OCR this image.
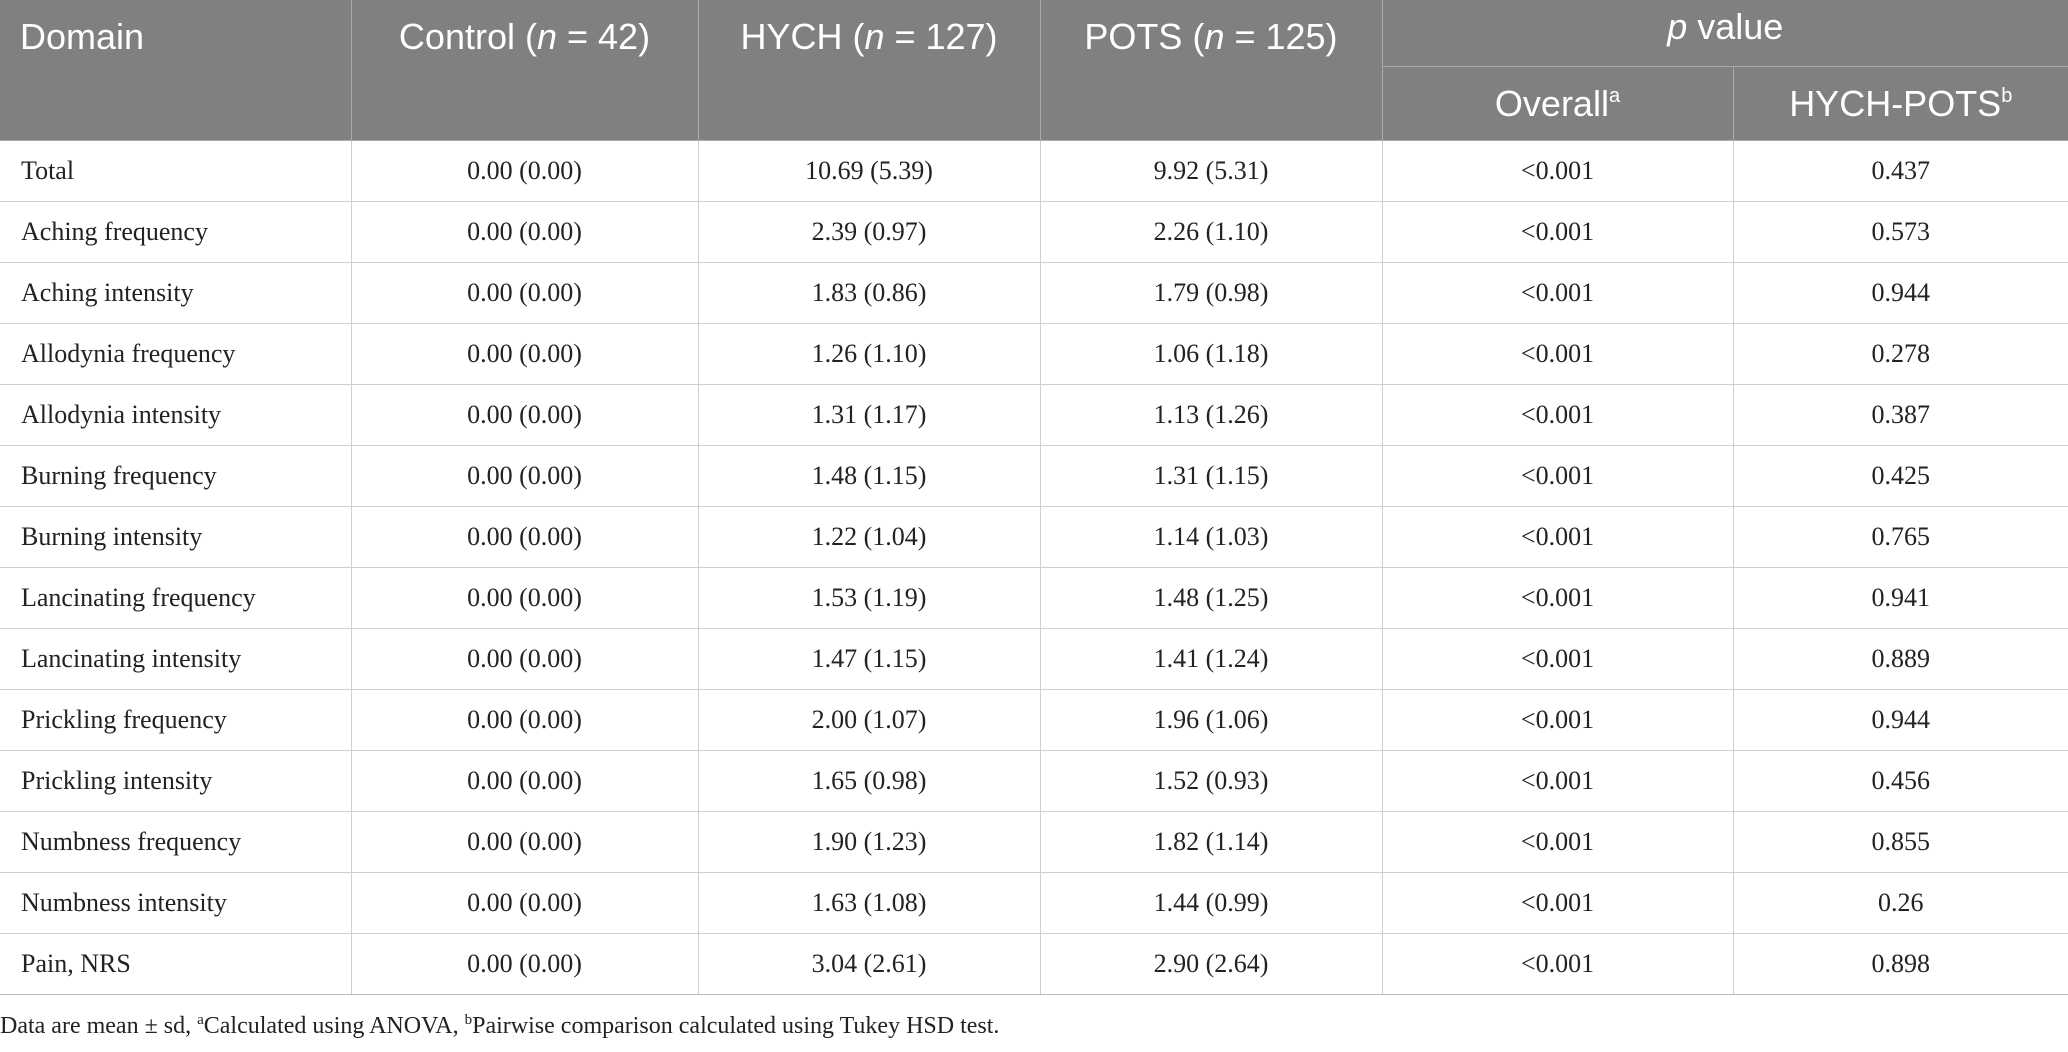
Domain	Control (n = 42)	HYCH (n = 127)	POTS (n = 125)	p value	
				Overall$^a$	HYCH-POTS$^b$
Total	0.00 (0.00)	10.69 (5.39)	9.92 (5.31)	<0.001	0.437
Aching frequency	0.00 (0.00)	2.39 (0.97)	2.26 (1.10)	<0.001	0.573
Aching intensity	0.00 (0.00)	1.83 (0.86)	1.79 (0.98)	<0.001	0.944
Allodynia frequency	0.00 (0.00)	1.26 (1.10)	1.06 (1.18)	<0.001	0.278
Allodynia intensity	0.00 (0.00)	1.31 (1.17)	1.13 (1.26)	<0.001	0.387
Burning frequency	0.00 (0.00)	1.48 (1.15)	1.31 (1.15)	<0.001	0.425
Burning intensity	0.00 (0.00)	1.22 (1.04)	1.14 (1.03)	<0.001	0.765
Lancinating frequency	0.00 (0.00)	1.53 (1.19)	1.48 (1.25)	<0.001	0.941
Lancinating intensity	0.00 (0.00)	1.47 (1.15)	1.41 (1.24)	<0.001	0.889
Prickling frequency	0.00 (0.00)	2.00 (1.07)	1.96 (1.06)	<0.001	0.944
Prickling intensity	0.00 (0.00)	1.65 (0.98)	1.52 (0.93)	<0.001	0.456
Numbness frequency	0.00 (0.00)	1.90 (1.23)	1.82 (1.14)	<0.001	0.855
Numbness intensity	0.00 (0.00)	1.63 (1.08)	1.44 (0.99)	<0.001	0.26
Pain, NRS	0.00 (0.00)	3.04 (2.61)	2.90 (2.64)	<0.001	0.898
Data are mean ± sd, $^a$Calculated using ANOVA, $^b$Pairwise comparison calculated using Tukey HSD test.
